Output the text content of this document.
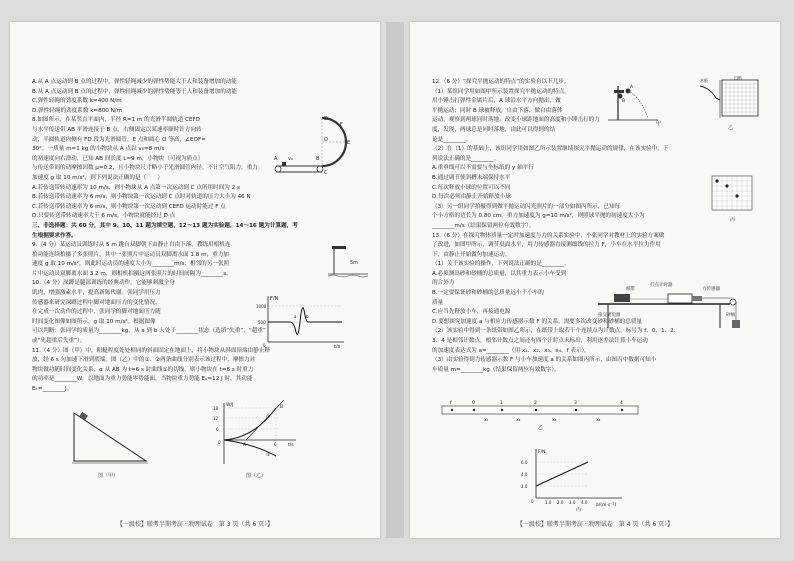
A.从 A 点运动到 B 点的过程中，弹性轻绳减少的弹性势能大于人和装备增加的动能

B.从 A 点运动到 B 点的过程中，弹性轻绳减少的弹性势能等于人和装备增加的动能

C.弹性轻绳的劲度系数 k=400 N/m

D.弹性轻绳的劲度系数 k=800 N/m

8.如图所示，在某竖直平面内，半径 R=1 m 的光滑半圆轨道 CEFD

与水平传送带 AB 平滑连接于 B 点，右侧固定以某速率顺时针方向转

动，半圆轨道内侧有 FD 段为光滑圆管，E 点和圆心 O 等高，∠EOF=

30°。一质量 m=1 kg 的小物块从 A 点以 v₀=8 m/s

的初速度向右滑动，已知 AB 间长度 L=9 m，小物块（可视为质点）

与传送带间的动摩擦因数 μ=0.2，且小物块尺寸略小于光滑圆管内径。不计空气阻力，重力

加速度 g 取 10 m/s²，则下列说法正确的是（　　）

A.若传送带转动速率为 10 m/s，则小物块从 A 点第一次运动到 C 点所用时间为 2 s

B.若传送带转动速率为 6 m/s，则小物块第一次运动到 C 点时对轨道的压力大小为 46 N

C.若传送带转动速率为 6 m/s，则小物块第一次运动到 CEFD 运动时能过 F 点

D.只要传送带转动速率大于 6 m/s，小物块就能经过 D 点

三、非选择题：共 60 分，其中 9、10、11 题为填空题，12～13 题为实验题，14～16 题为计算题，考

生根据要求作答。

9.（4 分）某运动员训练时从 5 m 跳台双脚朝下由静止自由下落，教练用相机连

拍功能连续拍摄了多张照片，其中一张照片中运动员双脚离水面 1.8 m，重力加

速度 g 取 10 m/s²，则此时运动员的速度大小为________m/s；相邻的另一张照

片中运动员双脚离水面 3.2 m，则相机拍摄这两张照片的时间间隔为________s。

10.（4 分）深蹲是腿部训练的经典动作，它能够刺激全身

肌肉，增强激素水平，提高新陈代谢。张同学用压力

传感器来研究深蹲过程中脚对地面压力的变化情况，

在完成一次动作的过程中，张同学的脚对地面压力随

时间变化图像如图所示，g 取 10 m/s²。根据图像

可以判断：张同学的质量为________kg，从 a 到 b 人处于________状态（选填“失重”、“超重”

或“先超重后失重”）。

11.（4 分）图（甲）中，粗糙程度处处相同的斜面固定在地面上，将小物块从斜面顶端由静止释

放，经 6 s 匀加速下滑到底端。图（乙）中的①、②两条曲线分别表示该过程中，摩擦力对

物块做功随时间变化关系，α 从 AB 为 t=6 s 时曲线①的切线，则小物块在 t=6 s 时重力

的功率是________W。以地面为重力势能零势能面，当物块重力势能 Eₚ=12 J 时，其动能

Eₖ=________J。

A	B
C
O	E
F
D
v₀
5m
F/N
t/s
1000
500
0
a b
图（甲）
W/J
t/s
18
12
6
0	6
B
A
①
②
图（乙）
【一级校】联考半期考高三物理试卷　第 3 页（共 6 页）】

12.（6 分）“探究平抛运动的特点”的实验有以下几步。

（1）某组同学用如图甲所示装置探究平抛运动的特点。

用小锤击打弹性金属片后，A 球沿水平方向抛出，做

平抛运动；同时 B 球被释放，自由下落，做自由落体

运动。观察到两球同时落地，改变小球距地面的高度和小锤击打的力

度，发现，两球总是同时落地，由此可以得到的结

论是________。

（2）在（1）的基础上，该组同学用如图乙所示装置继续探究平抛运动的规律，在该实验中，下

列说法正确的是________。

A.重垂线可以不需要与坐标纸的 y 轴平行

B.通过调节使斜槽末端保持水平

C.每次释放小球的位置可以不同

D.每次必须由静止开始释放小球

（3）另一组同学拍摄得到做平抛运动闪光照片的一部分如图丙所示，已知每

个小方格的边长为 0.80 cm，重力加速度为 g=10 m/s²，则照球平抛的初速度大小为

________m/s（结果保留两位有效数字）。

13.（6 分）在探究物体质量一定时加速度与力的关系实验中，小张同学对教材上的实验方案做

了改进，如图甲所示，调节桌面水平，用力传感器直接测细线的拉力 F，小车在水平拉力作用

下，由静止开始做匀加速运动。

（1）关于该实验的操作，下列说法正确的是________。

A.必须测出砂和砂桶的总质量，以其重力表示小车受到

的合外力

B.一定要保证砂和砂桶的总质量远小于小车的

质量

C.应当先释放小车，再接通电源

D.要想探究加速度 a 与相应力传感器示数 F 的关系，需要多次改变砂和砂桶的总质量

（2）该实验中得到一条纸带如图乙所示，在纸带上取若干个连续点为计数点，标号为 f、0、1、2、

3、4 是相邻计数点，相邻计数点之间还有四个计时点未标出，利用逐差法计算小车运动

的加速度表达式为 a=________（用 x₁、x₂、x₃、x₄、f 表示）。

（3）由实验得到力传感器示数 F 与小车加速度 a 的关系如图丙所示，由图丙中数据可知小

车质量 m=________kg（结果保留两位有效数字）。

A
B
甲
木板
白纸
乙
丙
打点计时器
力传感器
纸带
砂桶
接交流电源
f	0	1	2	3	4
x₁	x₂	x₃	x₄
乙
F/N
a/(m·s⁻²)
6.0
4.0
2.0
0	1.0 2.0 3.0 4.0
丙
【一级校】联考半期考高三物理试卷　第 4 页（共 6 页）】
